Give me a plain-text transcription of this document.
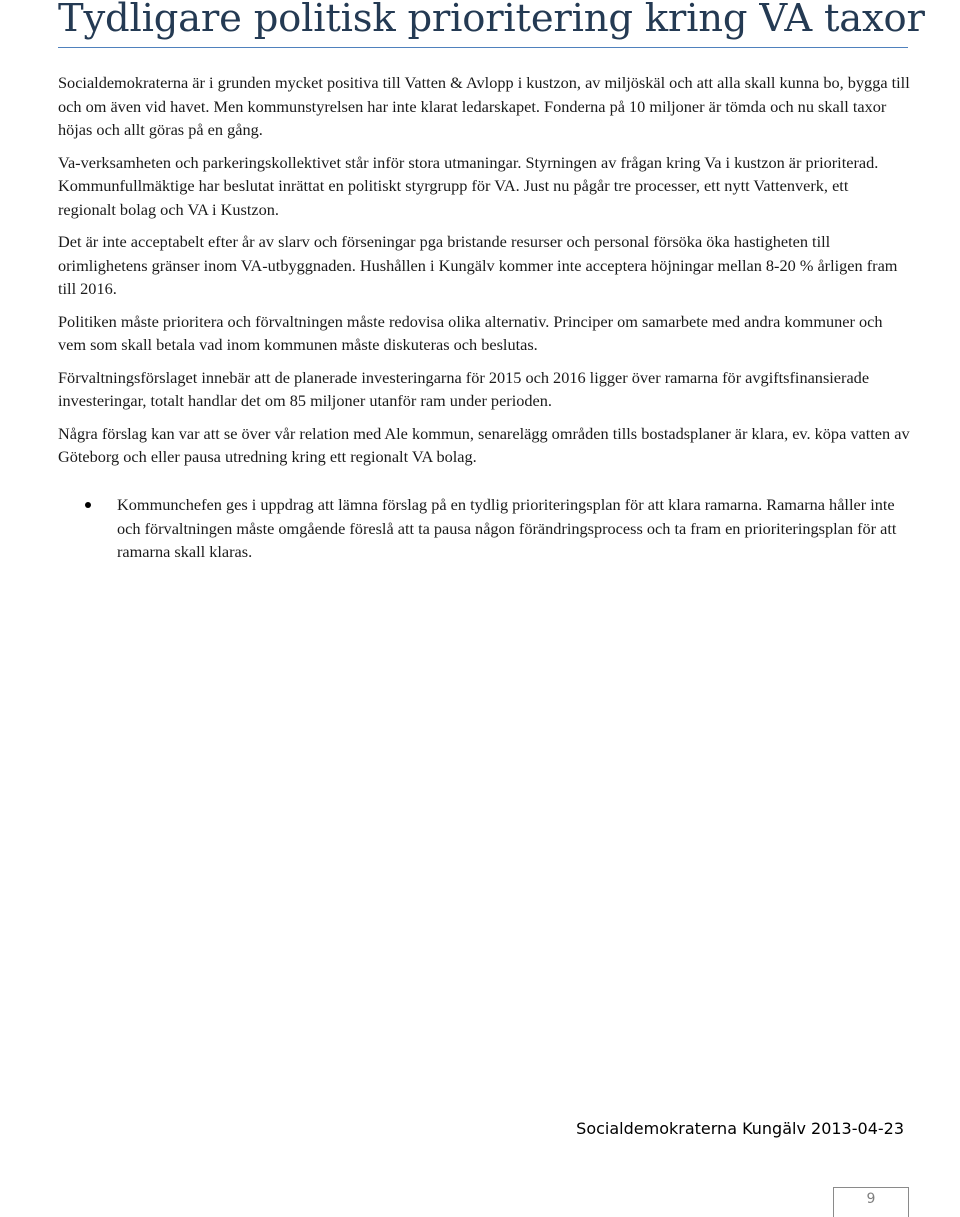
Tydligare politisk prioritering kring VA taxor

Socialdemokraterna är i grunden mycket positiva till Vatten & Avlopp i kustzon, av miljöskäl och att alla skall kunna bo, bygga till och om även vid havet. Men kommunstyrelsen har inte klarat ledarskapet. Fonderna på 10 miljoner är tömda och nu skall taxor höjas och allt göras på en gång.

Va-verksamheten och parkeringskollektivet står inför stora utmaningar. Styrningen av frågan kring Va i kustzon är prioriterad. Kommunfullmäktige har beslutat inrättat en politiskt styrgrupp för VA. Just nu pågår tre processer, ett nytt Vattenverk, ett regionalt bolag och VA i Kustzon.

Det är inte acceptabelt efter år av slarv och förseningar pga bristande resurser och personal försöka öka hastigheten till orimlighetens gränser inom VA-utbyggnaden. Hushållen i Kungälv kommer inte acceptera höjningar mellan 8-20 % årligen fram till 2016.

Politiken måste prioritera och förvaltningen måste redovisa olika alternativ. Principer om samarbete med andra kommuner och vem som skall betala vad inom kommunen måste diskuteras och beslutas.

Förvaltningsförslaget innebär att de planerade investeringarna för 2015 och 2016 ligger över ramarna för avgiftsfinansierade investeringar, totalt handlar det om 85 miljoner utanför ram under perioden.

Några förslag kan var att se över vår relation med Ale kommun, senarelägg områden tills bostadsplaner är klara, ev. köpa vatten av Göteborg och eller pausa utredning kring ett regionalt VA bolag.

Kommunchefen ges i uppdrag att lämna förslag på en tydlig prioriteringsplan för att klara ramarna. Ramarna håller inte och förvaltningen måste omgående föreslå att ta pausa någon förändringsprocess och ta fram en prioriteringsplan för att ramarna skall klaras.

Socialdemokraterna Kungälv 2013-04-23

9
